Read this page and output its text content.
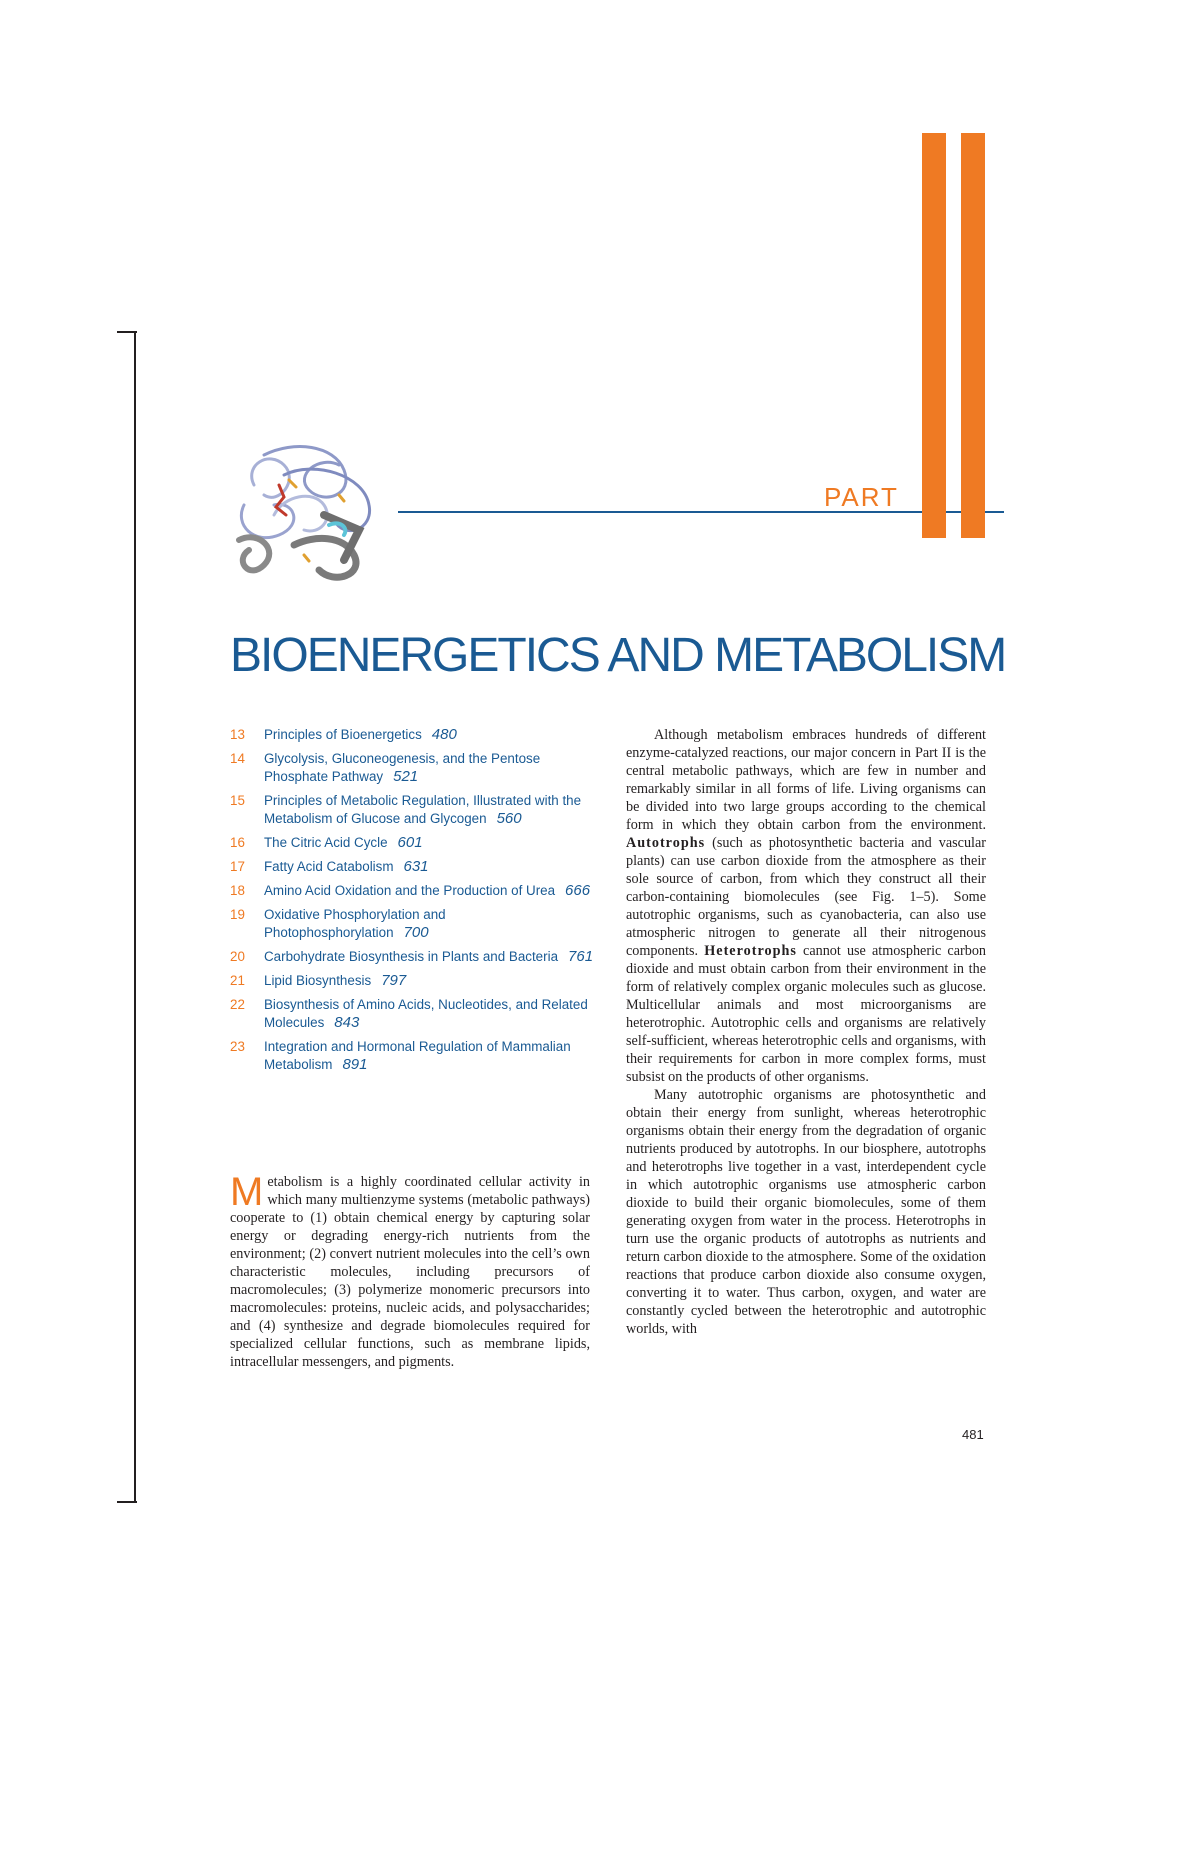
PART
BIOENERGETICS AND METABOLISM
13	Principles of Bioenergetics 480
14	Glycolysis, Gluconeogenesis, and the Pentose Phosphate Pathway 521
15	Principles of Metabolic Regulation, Illustrated with the Metabolism of Glucose and Glycogen 560
16	The Citric Acid Cycle 601
17	Fatty Acid Catabolism 631
18	Amino Acid Oxidation and the Production of Urea 666
19	Oxidative Phosphorylation and Photophosphorylation 700
20	Carbohydrate Biosynthesis in Plants and Bacteria 761
21	Lipid Biosynthesis 797
22	Biosynthesis of Amino Acids, Nucleotides, and Related Molecules 843
23	Integration and Hormonal Regulation of Mammalian Metabolism 891

Metabolism is a highly coordinated cellular activity in which many multienzyme systems (metabolic pathways) cooperate to (1) obtain chemical energy by capturing solar energy or degrading energy-rich nutrients from the environment; (2) convert nutrient molecules into the cell’s own characteristic molecules, including precursors of macromolecules; (3) polymerize monomeric precursors into macromolecules: proteins, nucleic acids, and polysaccharides; and (4) synthesize and degrade biomolecules required for specialized cellular functions, such as membrane lipids, intracellular messengers, and pigments.

Although metabolism embraces hundreds of different enzyme-catalyzed reactions, our major concern in Part II is the central metabolic pathways, which are few in number and remarkably similar in all forms of life. Living organisms can be divided into two large groups according to the chemical form in which they obtain carbon from the environment. Autotrophs (such as photosynthetic bacteria and vascular plants) can use carbon dioxide from the atmosphere as their sole source of carbon, from which they construct all their carbon-containing biomolecules (see Fig. 1–5). Some autotrophic organisms, such as cyanobacteria, can also use atmospheric nitrogen to generate all their nitrogenous components. Heterotrophs cannot use atmospheric carbon dioxide and must obtain carbon from their environment in the form of relatively complex organic molecules such as glucose. Multicellular animals and most microorganisms are heterotrophic. Autotrophic cells and organisms are relatively self-sufficient, whereas heterotrophic cells and organisms, with their requirements for carbon in more complex forms, must subsist on the products of other organisms.

Many autotrophic organisms are photosynthetic and obtain their energy from sunlight, whereas heterotrophic organisms obtain their energy from the degradation of organic nutrients produced by autotrophs. In our biosphere, autotrophs and heterotrophs live together in a vast, interdependent cycle in which autotrophic organisms use atmospheric carbon dioxide to build their organic biomolecules, some of them generating oxygen from water in the process. Heterotrophs in turn use the organic products of autotrophs as nutrients and return carbon dioxide to the atmosphere. Some of the oxidation reactions that produce carbon dioxide also consume oxygen, converting it to water. Thus carbon, oxygen, and water are constantly cycled between the heterotrophic and autotrophic worlds, with

481
